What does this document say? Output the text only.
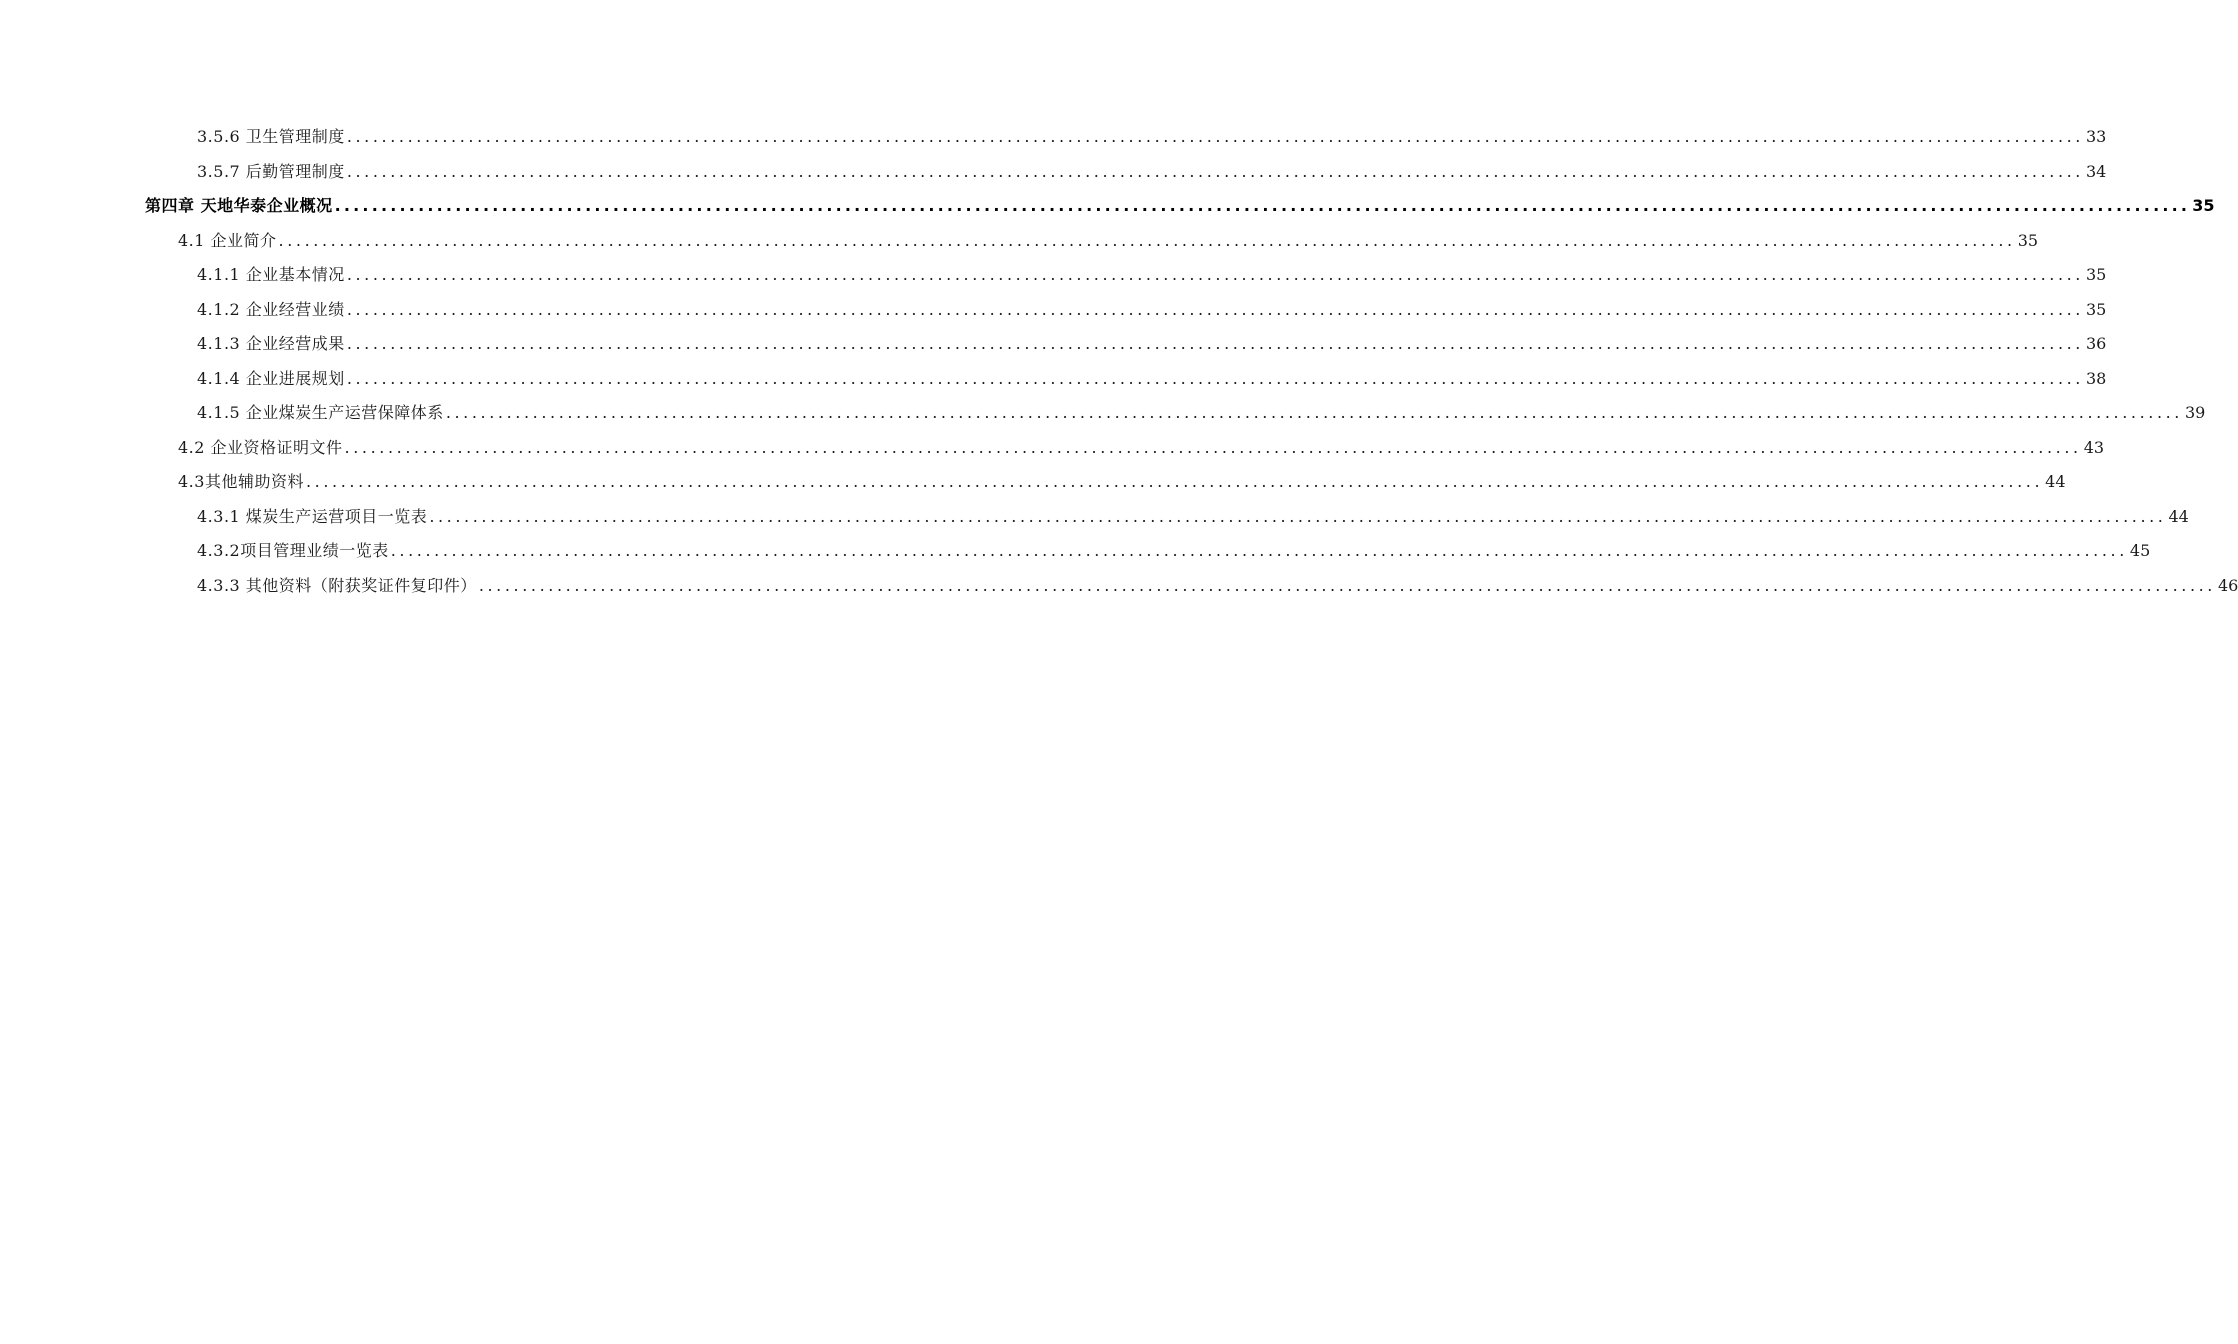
3.5.6 卫生管理制度 ........................................................................................................................................................................................................ 33
3.5.7 后勤管理制度 ........................................................................................................................................................................................................ 34
第四章 天地华泰企业概况 ........................................................................................................................................................................................................ 35
4.1 企业简介 ........................................................................................................................................................................................................ 35
4.1.1 企业基本情况 ........................................................................................................................................................................................................ 35
4.1.2 企业经营业绩 ........................................................................................................................................................................................................ 35
4.1.3 企业经营成果 ........................................................................................................................................................................................................ 36
4.1.4 企业进展规划 ........................................................................................................................................................................................................ 38
4.1.5 企业煤炭生产运营保障体系 ........................................................................................................................................................................................................ 39
4.2 企业资格证明文件 ........................................................................................................................................................................................................ 43
4.3其他辅助资料 ........................................................................................................................................................................................................ 44
4.3.1 煤炭生产运营项目一览表 ........................................................................................................................................................................................................ 44
4.3.2项目管理业绩一览表 ........................................................................................................................................................................................................ 45
4.3.3 其他资料（附获奖证件复印件） ........................................................................................................................................................................................................ 46
